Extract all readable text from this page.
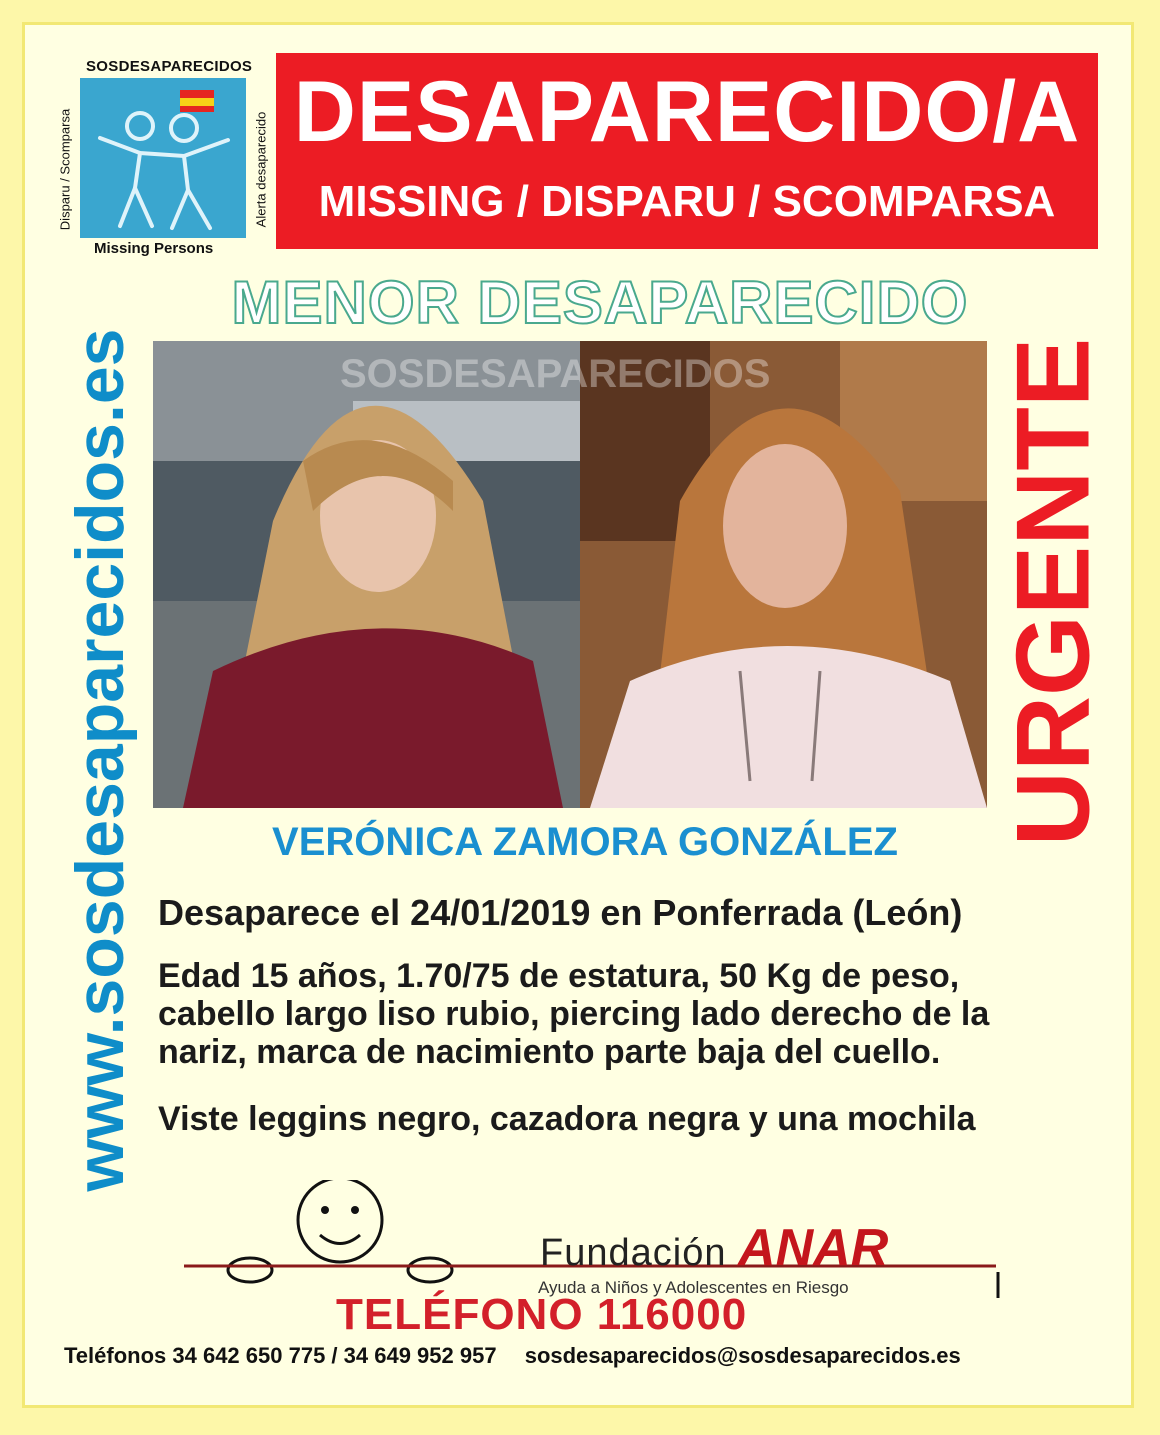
SOSDESAPARECIDOS
Missing Persons
Disparu / Scomparsa	Alerta desaparecido DESAPARECIDO/A
MISSING / DISPARU / SCOMPARSA
MENOR DESAPARECIDO
www.sosdesaparecidos.es	URGENTE
SOSDESAPARECIDOS
VERÓNICA ZAMORA GONZÁLEZ
Desaparece el 24/01/2019 en Ponferrada (León)
Edad 15 años, 1.70/75 de estatura, 50 Kg de peso,
cabello largo liso rubio, piercing lado derecho de la
nariz, marca de nacimiento parte baja del cuello.
Viste leggins negro, cazadora negra y una mochila
Fundación ANAR
Ayuda a Niños y Adolescentes en Riesgo
TELÉFONO 116000
Teléfonos 34 642 650 775 / 34 649 952 957 sosdesaparecidos@sosdesaparecidos.es
